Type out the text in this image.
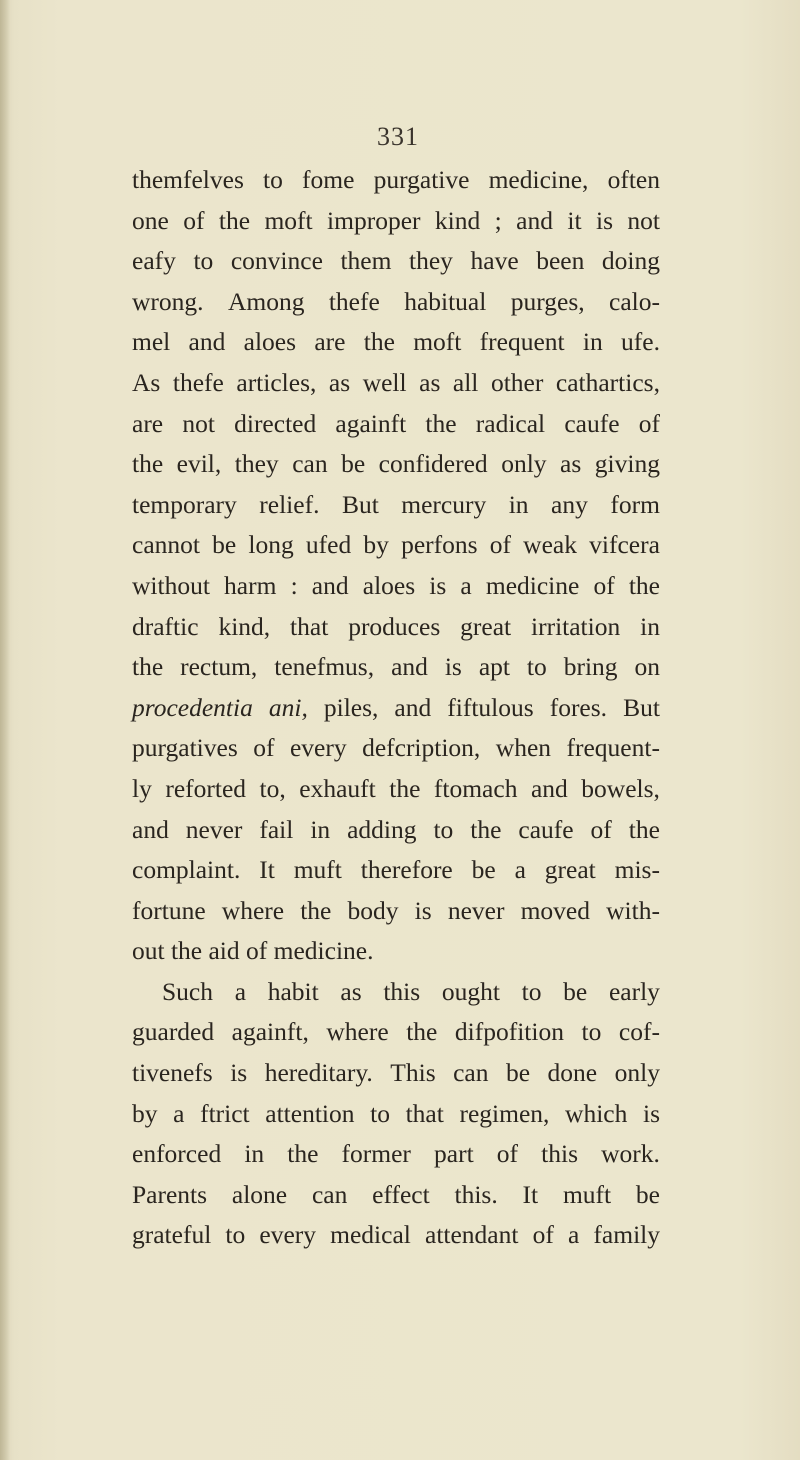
331
themfelves to fome purgative medicine, often
one of the moft improper kind ; and it is not
eafy to convince them they have been doing
wrong. Among thefe habitual purges, calo-
mel and aloes are the moft frequent in ufe.
As thefe articles, as well as all other cathartics,
are not directed againft the radical caufe of
the evil, they can be confidered only as giving
temporary relief. But mercury in any form
cannot be long ufed by perfons of weak vifcera
without harm : and aloes is a medicine of the
draftic kind, that produces great irritation in
the rectum, tenefmus, and is apt to bring on
procedentia ani, piles, and fiftulous fores. But
purgatives of every defcription, when frequent-
ly reforted to, exhauft the ftomach and bowels,
and never fail in adding to the caufe of the
complaint. It muft therefore be a great mis-
fortune where the body is never moved with-
out the aid of medicine.
Such a habit as this ought to be early
guarded againft, where the difpofition to cof-
tivenefs is hereditary. This can be done only
by a ftrict attention to that regimen, which is
enforced in the former part of this work.
Parents alone can effect this. It muft be
grateful to every medical attendant of a family
